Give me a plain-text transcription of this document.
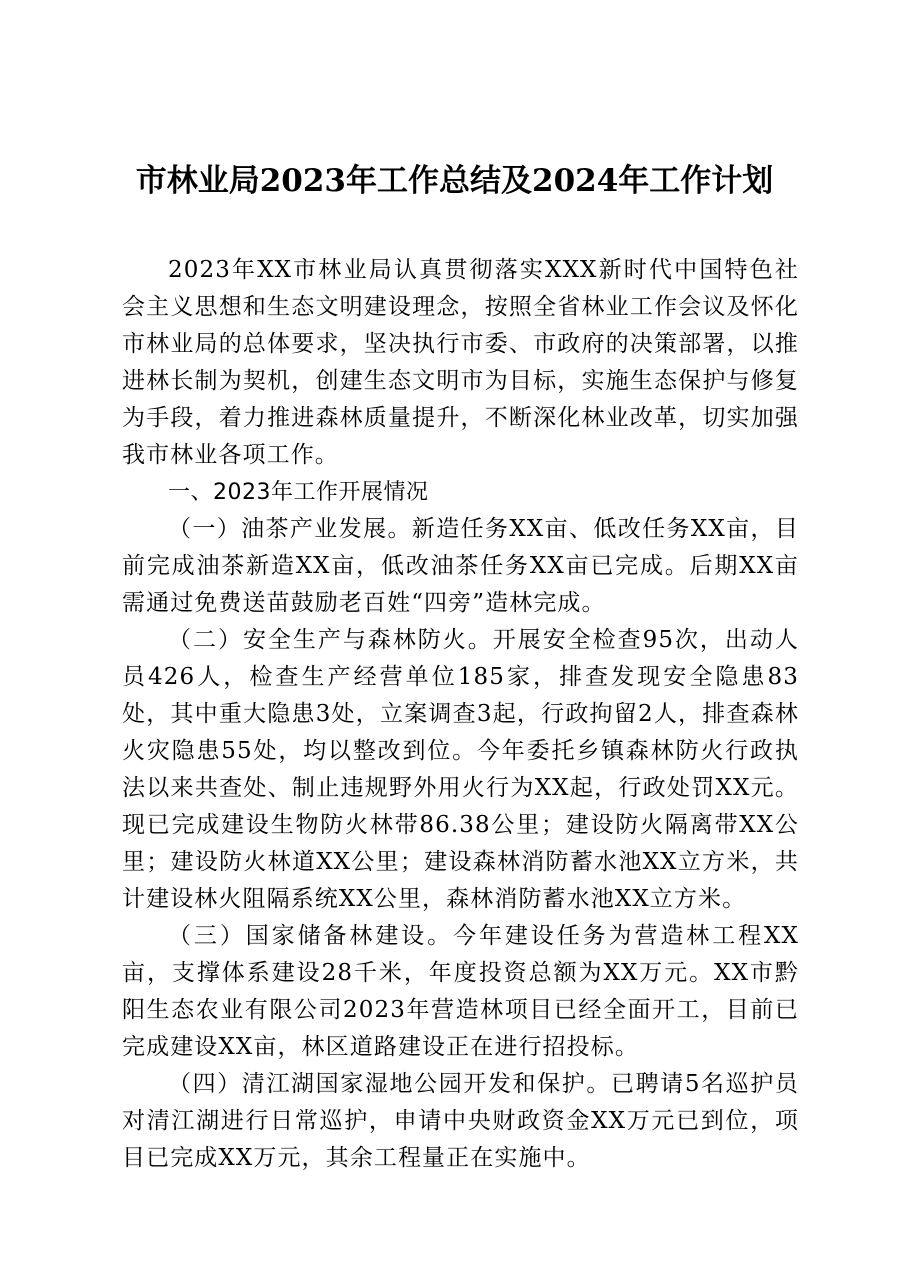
市林业局2023年工作总结及2024年工作计划

2023年XX市林业局认真贯彻落实XXX新时代中国特色社会主义思想和生态文明建设理念，按照全省林业工作会议及怀化市林业局的总体要求，坚决执行市委、市政府的决策部署，以推进林长制为契机，创建生态文明市为目标，实施生态保护与修复为手段，着力推进森林质量提升，不断深化林业改革，切实加强我市林业各项工作。

一、2023年工作开展情况

（一）油茶产业发展。新造任务XX亩、低改任务XX亩，目前完成油茶新造XX亩，低改油茶任务XX亩已完成。后期XX亩需通过免费送苗鼓励老百姓“四旁”造林完成。

（二）安全生产与森林防火。开展安全检查95次，出动人员426人，检查生产经营单位185家，排查发现安全隐患83处，其中重大隐患3处，立案调查3起，行政拘留2人，排查森林火灾隐患55处，均以整改到位。今年委托乡镇森林防火行政执法以来共查处、制止违规野外用火行为XX起，行政处罚XX元。现已完成建设生物防火林带86.38公里；建设防火隔离带XX公里；建设防火林道XX公里；建设森林消防蓄水池XX立方米，共计建设林火阻隔系统XX公里，森林消防蓄水池XX立方米。

（三）国家储备林建设。今年建设任务为营造林工程XX亩，支撑体系建设28千米，年度投资总额为XX万元。XX市黔阳生态农业有限公司2023年营造林项目已经全面开工，目前已完成建设XX亩，林区道路建设正在进行招投标。

（四）清江湖国家湿地公园开发和保护。已聘请5名巡护员对清江湖进行日常巡护，申请中央财政资金XX万元已到位，项目已完成XX万元，其余工程量正在实施中。
